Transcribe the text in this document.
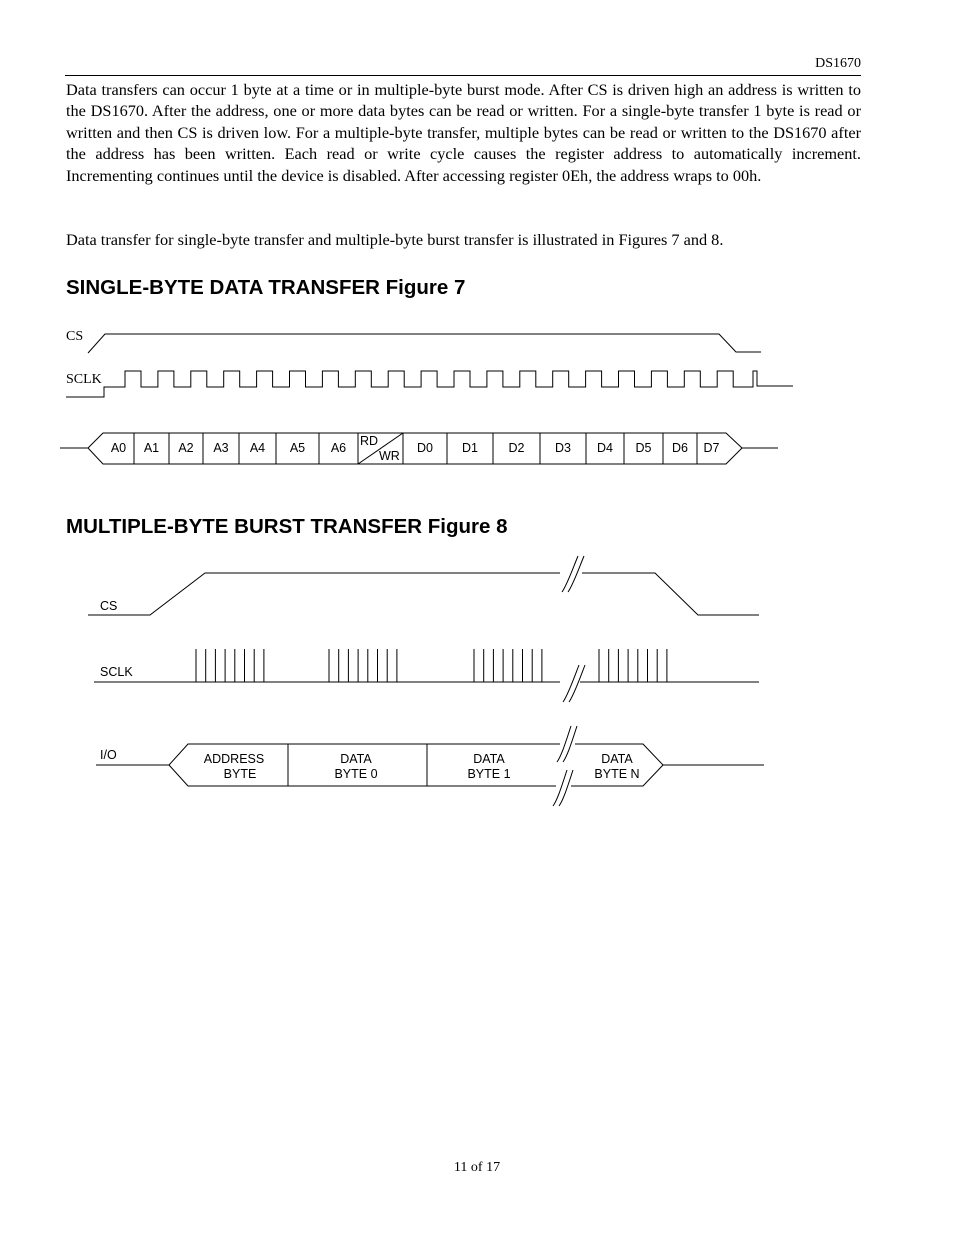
DS1670

Data transfers can occur 1 byte at a time or in multiple-byte burst mode. After CS is driven high an address is written to the DS1670. After the address, one or more data bytes can be read or written. For a single-byte transfer 1 byte is read or written and then CS is driven low. For a multiple-byte transfer, multiple bytes can be read or written to the DS1670 after the address has been written. Each read or write cycle causes the register address to automatically increment. Incrementing continues until the device is disabled. After accessing register 0Eh, the address wraps to 00h.

Data transfer for single-byte transfer and multiple-byte burst transfer is illustrated in Figures 7 and 8.

SINGLE-BYTE DATA TRANSFER Figure 7
CS
SCLK
A0 A1 A2 A3 A4 A5 A6	D0 D1 D2 D3 D4 D5 D6 D7
RD
WR
MULTIPLE-BYTE BURST TRANSFER Figure 8
CS
SCLK
I/O	ADDRESS
BYTE
DATA
BYTE 0
DATA
BYTE 1
DATA
BYTE N
11 of 17
